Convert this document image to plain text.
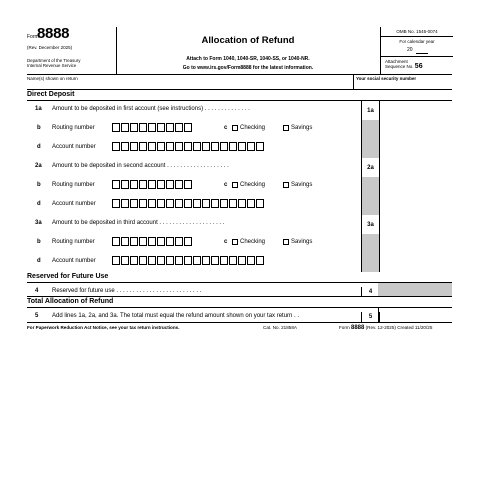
Form
8888
(Rev. December 2025)
Department of the Treasury
Internal Revenue Service
Allocation of Refund
Attach to Form 1040, 1040-SR, 1040-SS, or 1040-NR.
Go to www.irs.gov/Form8888 for the latest information.
OMB No. 1545-0074
For calendar year
20
Attachment
Sequence No. 56
Name(s) shown on return	Your social security number
Direct Deposit
1a Amount to be deposited in first account (see instructions) . . . . . . . . . . . . . .	1a
b Routing number	c Checking	Savings
d Account number
2a Amount to be deposited in second account . . . . . . . . . . . . . . . . . . .	2a
b Routing number	c Checking	Savings
d Account number
3a Amount to be deposited in third account . . . . . . . . . . . . . . . . . . . .	3a
b Routing number	c Checking	Savings
d Account number
Reserved for Future Use
4 Reserved for future use . . . . . . . . . . . . . . . . . . . . . . . . . .	4
Total Allocation of Refund
5 Add lines 1a, 2a, and 3a. The total must equal the refund amount shown on your tax return . .	5
For Paperwork Reduction Act Notice, see your tax return instructions.	Cat. No. 21858A	Form 8888 (Rev. 12-2025) Created 11/20/25
